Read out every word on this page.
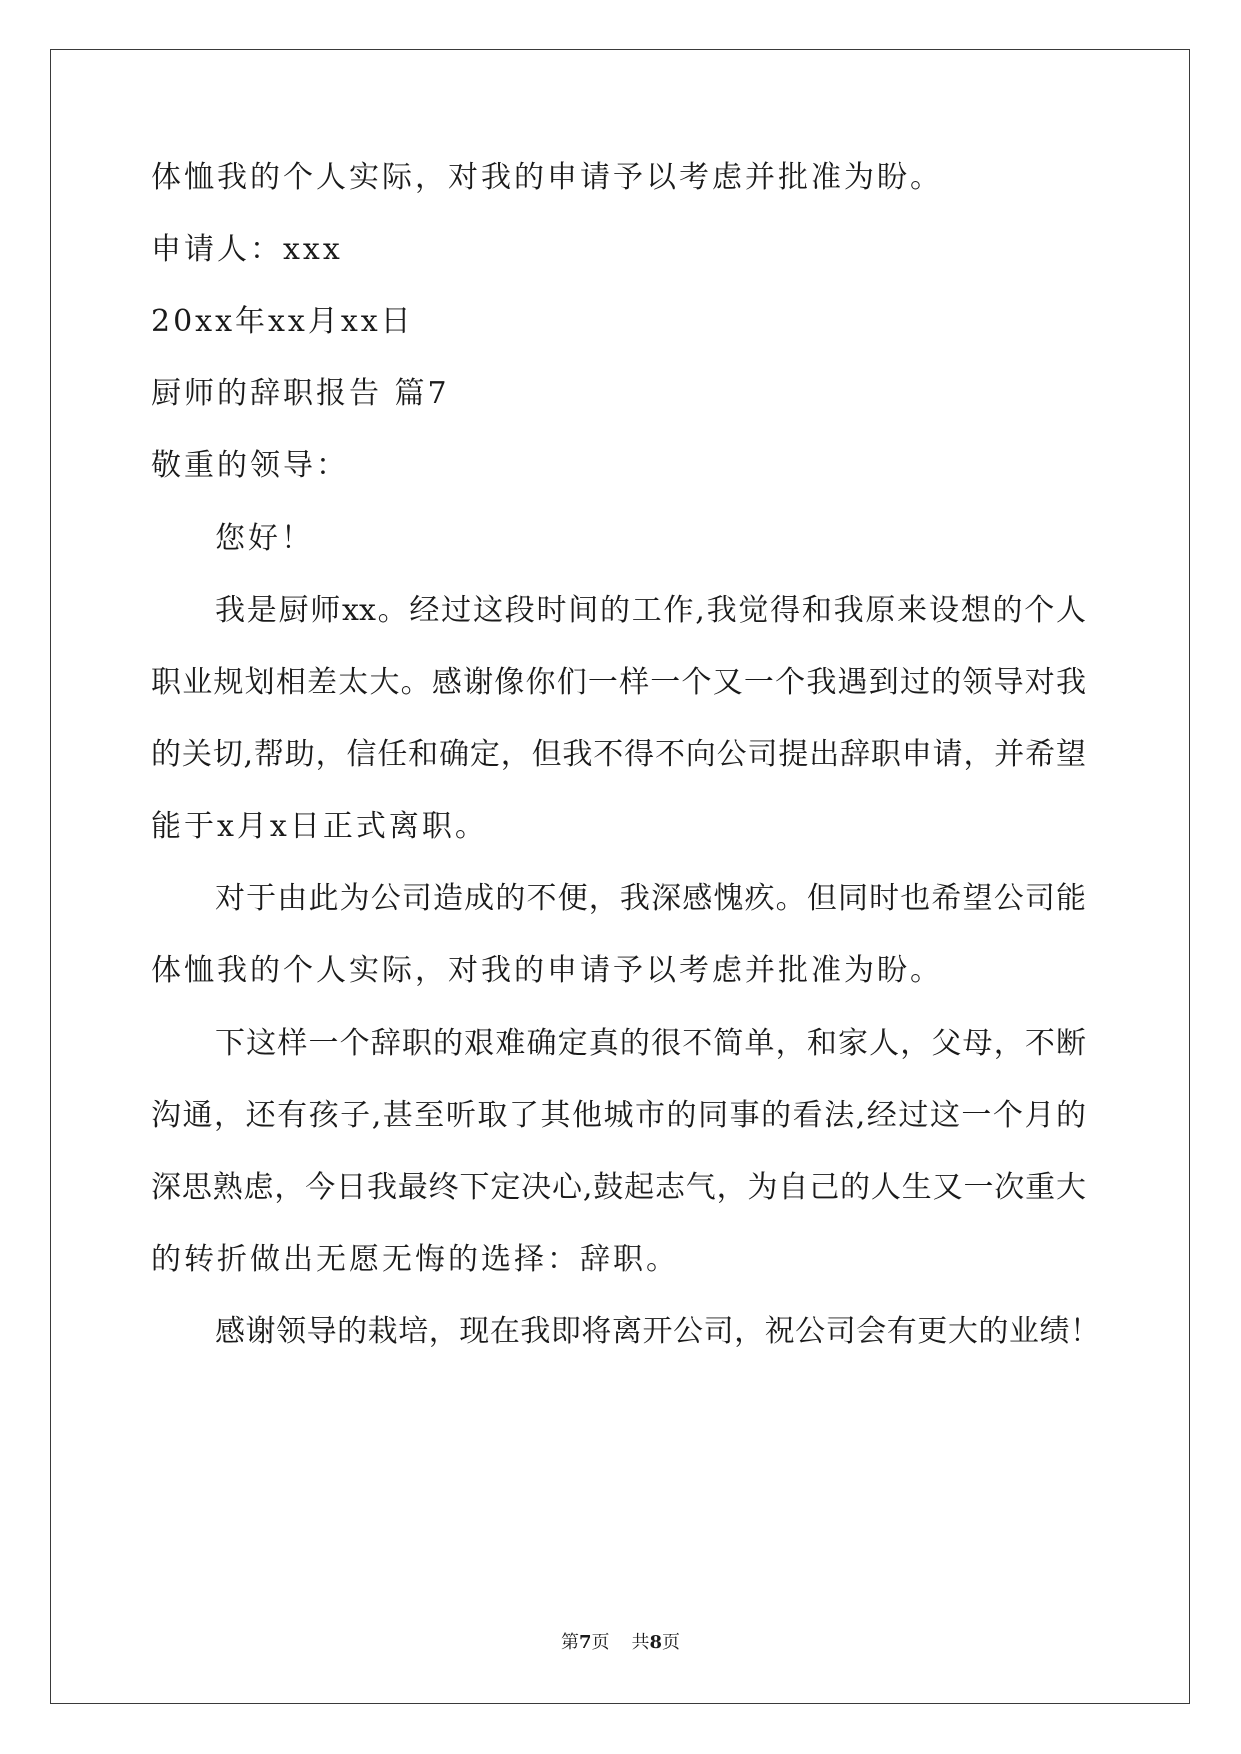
体恤我的个人实际，对我的申请予以考虑并批准为盼。
申请人：xxx
20xx年xx月xx日
厨师的辞职报告 篇7
敬重的领导：
您好！
我是厨师xx。经过这段时间的工作,我觉得和我原来设想的个人
职业规划相差太大。感谢像你们一样一个又一个我遇到过的领导对我
的关切,帮助，信任和确定，但我不得不向公司提出辞职申请，并希望
能于x月x日正式离职。
对于由此为公司造成的不便，我深感愧疚。但同时也希望公司能
体恤我的个人实际，对我的申请予以考虑并批准为盼。
下这样一个辞职的艰难确定真的很不简单，和家人，父母，不断
沟通，还有孩子,甚至听取了其他城市的同事的看法,经过这一个月的
深思熟虑，今日我最终下定决心,鼓起志气，为自己的人生又一次重大
的转折做出无愿无悔的选择：辞职。
感谢领导的栽培，现在我即将离开公司，祝公司会有更大的业绩！
第7页 共8页
